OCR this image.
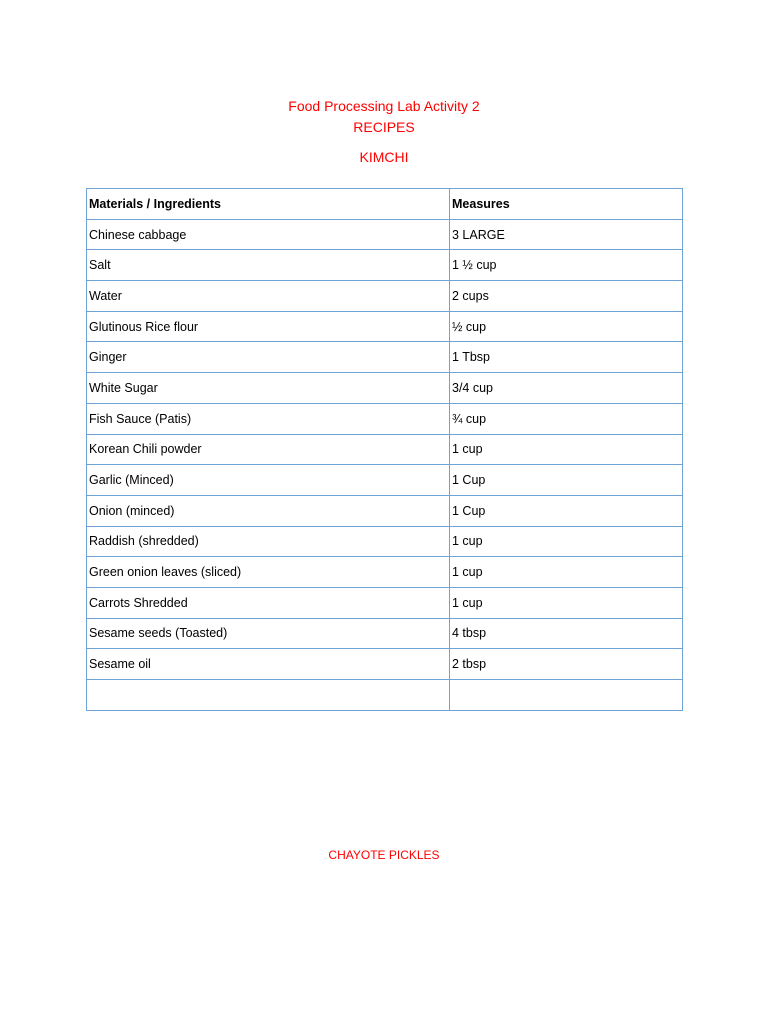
Food Processing Lab Activity 2
RECIPES
KIMCHI
Materials / Ingredients	Measures
Chinese cabbage	3 LARGE
Salt	1 ½ cup
Water	2 cups
Glutinous Rice flour	½ cup
Ginger	1 Tbsp
White Sugar	3/4 cup
Fish Sauce (Patis)	¾ cup
Korean Chili powder	1 cup
Garlic (Minced)	1 Cup
Onion (minced)	1 Cup
Raddish (shredded)	1 cup
Green onion leaves (sliced)	1 cup
Carrots Shredded	1 cup
Sesame seeds (Toasted)	4 tbsp
Sesame oil	2 tbsp

CHAYOTE PICKLES
